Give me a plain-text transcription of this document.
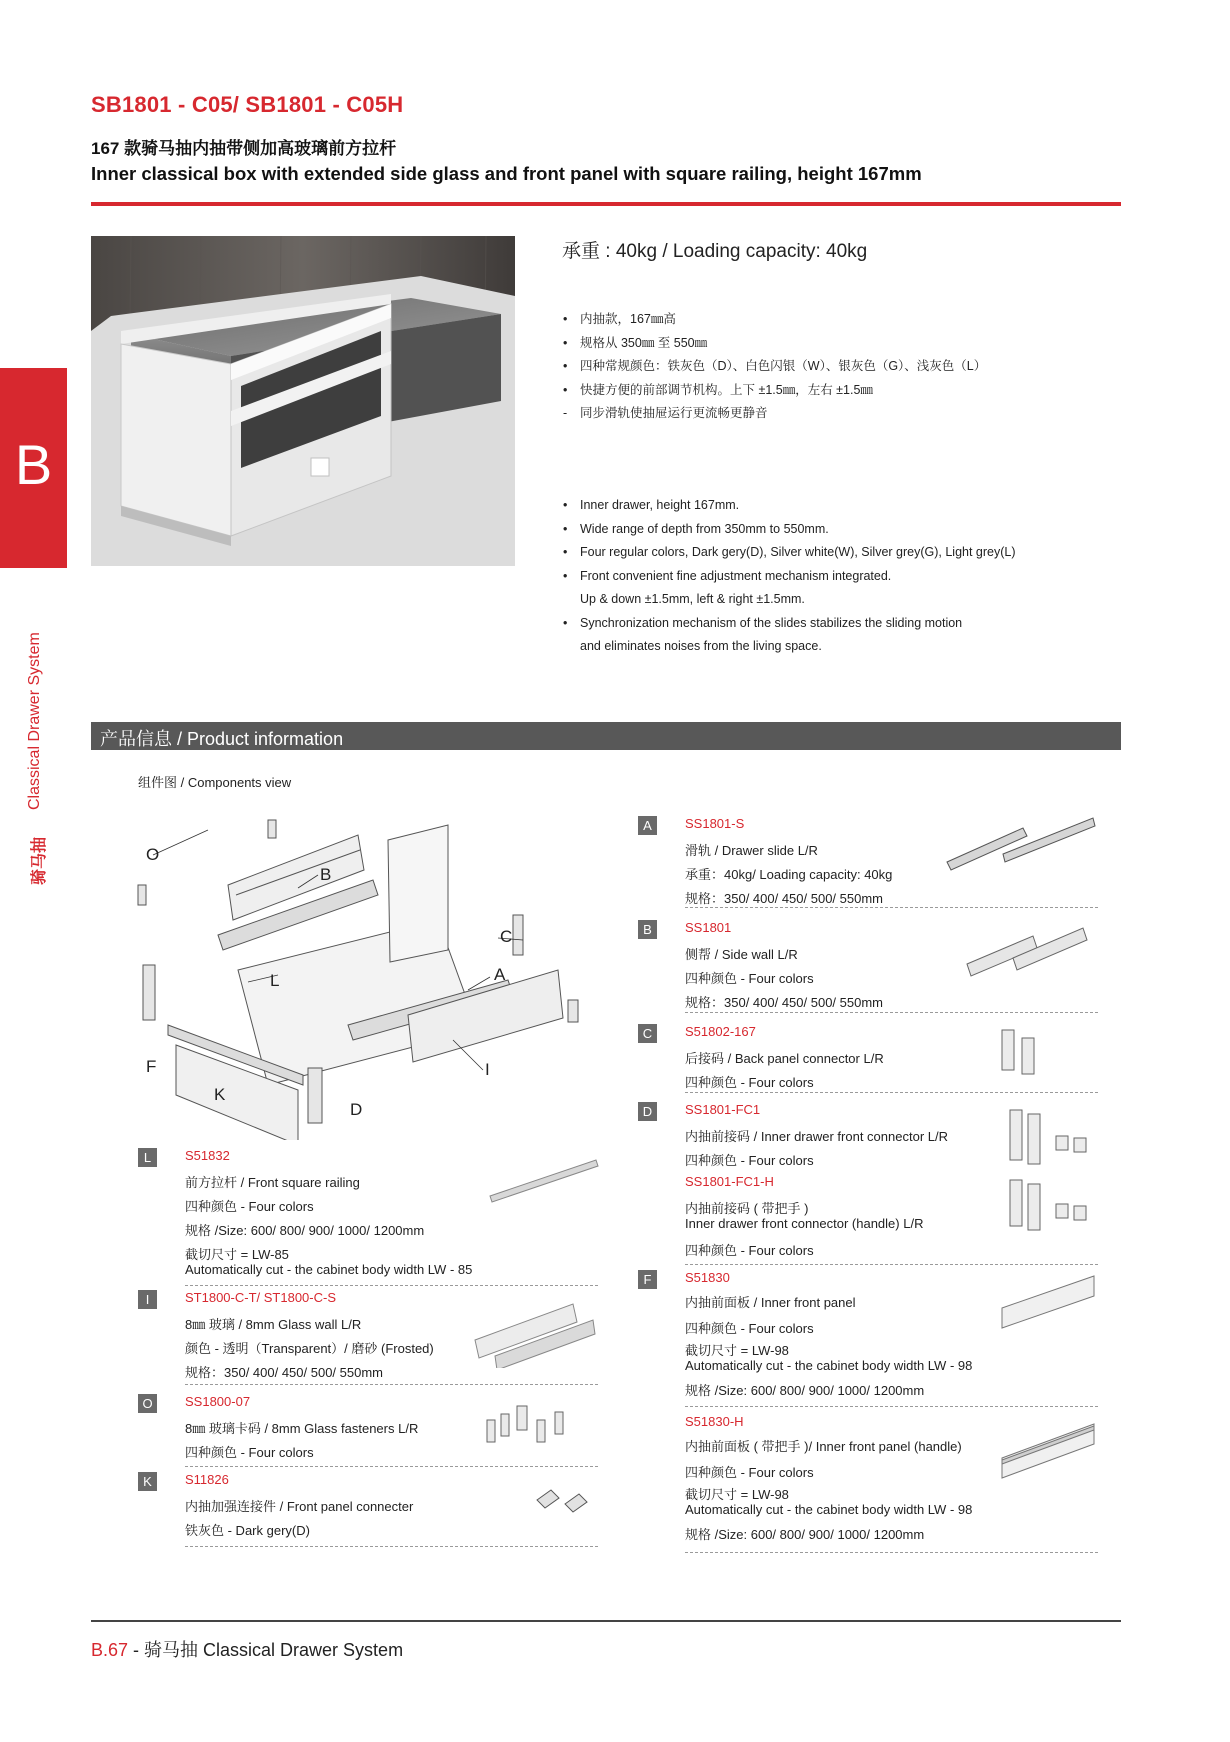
SB1801 - C05/ SB1801 - C05H
167 款骑马抽内抽带侧加高玻璃前方拉杆
Inner classical box with extended side glass and front panel with square railing, height 167mm
B
Classical Drawer System
骑马抽
承重 : 40kg / Loading capacity: 40kg
• 内抽款，167㎜高
• 规格从 350㎜ 至 550㎜
• 四种常规颜色：铁灰色（D）、白色闪银（W）、银灰色（G）、浅灰色（L）
• 快捷方便的前部调节机构。上下 ±1.5㎜，左右 ±1.5㎜
- 同步滑轨使抽屉运行更流畅更静音
• Inner drawer, height 167mm.
• Wide range of depth from 350mm to 550mm.
• Four regular colors, Dark gery(D), Silver white(W), Silver grey(G), Light grey(L)
• Front convenient fine adjustment mechanism integrated.
Up & down ±1.5mm, left & right ±1.5mm.
• Synchronization mechanism of the slides stabilizes the sliding motion
and eliminates noises from the living space.
产品信息 / Product information
组件图 / Components view
O
B
C
A
L
F
K
D
I
L	S51832
前方拉杆 / Front square railing
四种颜色 - Four colors
规格 /Size: 600/ 800/ 900/ 1000/ 1200mm
截切尺寸 = LW-85
Automatically cut - the cabinet body width LW - 85
I	ST1800-C-T/ ST1800-C-S
8㎜ 玻璃 / 8mm Glass wall L/R
颜色 - 透明（Transparent）/ 磨砂 (Frosted)
规格：350/ 400/ 450/ 500/ 550mm
O	SS1800-07
8㎜ 玻璃卡码 / 8mm Glass fasteners L/R
四种颜色 - Four colors
K	S11826
内抽加强连接件 / Front panel connecter
铁灰色 - Dark gery(D)
A	SS1801-S
滑轨 / Drawer slide L/R
承重：40kg/ Loading capacity: 40kg
规格：350/ 400/ 450/ 500/ 550mm
B	SS1801
侧帮 / Side wall L/R
四种颜色 - Four colors
规格：350/ 400/ 450/ 500/ 550mm
C	S51802-167
后接码 / Back panel connector L/R
四种颜色 - Four colors
D	SS1801-FC1
内抽前接码 / Inner drawer front connector L/R
四种颜色 - Four colors
SS1801-FC1-H
内抽前接码 ( 带把手 )
Inner drawer front connector (handle) L/R
四种颜色 - Four colors
F	S51830
内抽前面板 / Inner front panel
四种颜色 - Four colors
截切尺寸 = LW-98
Automatically cut - the cabinet body width LW - 98
规格 /Size: 600/ 800/ 900/ 1000/ 1200mm
S51830-H
内抽前面板 ( 带把手 )/ Inner front panel (handle)
四种颜色 - Four colors
截切尺寸 = LW-98
Automatically cut - the cabinet body width LW - 98
规格 /Size: 600/ 800/ 900/ 1000/ 1200mm
B.67 - 骑马抽 Classical Drawer System
